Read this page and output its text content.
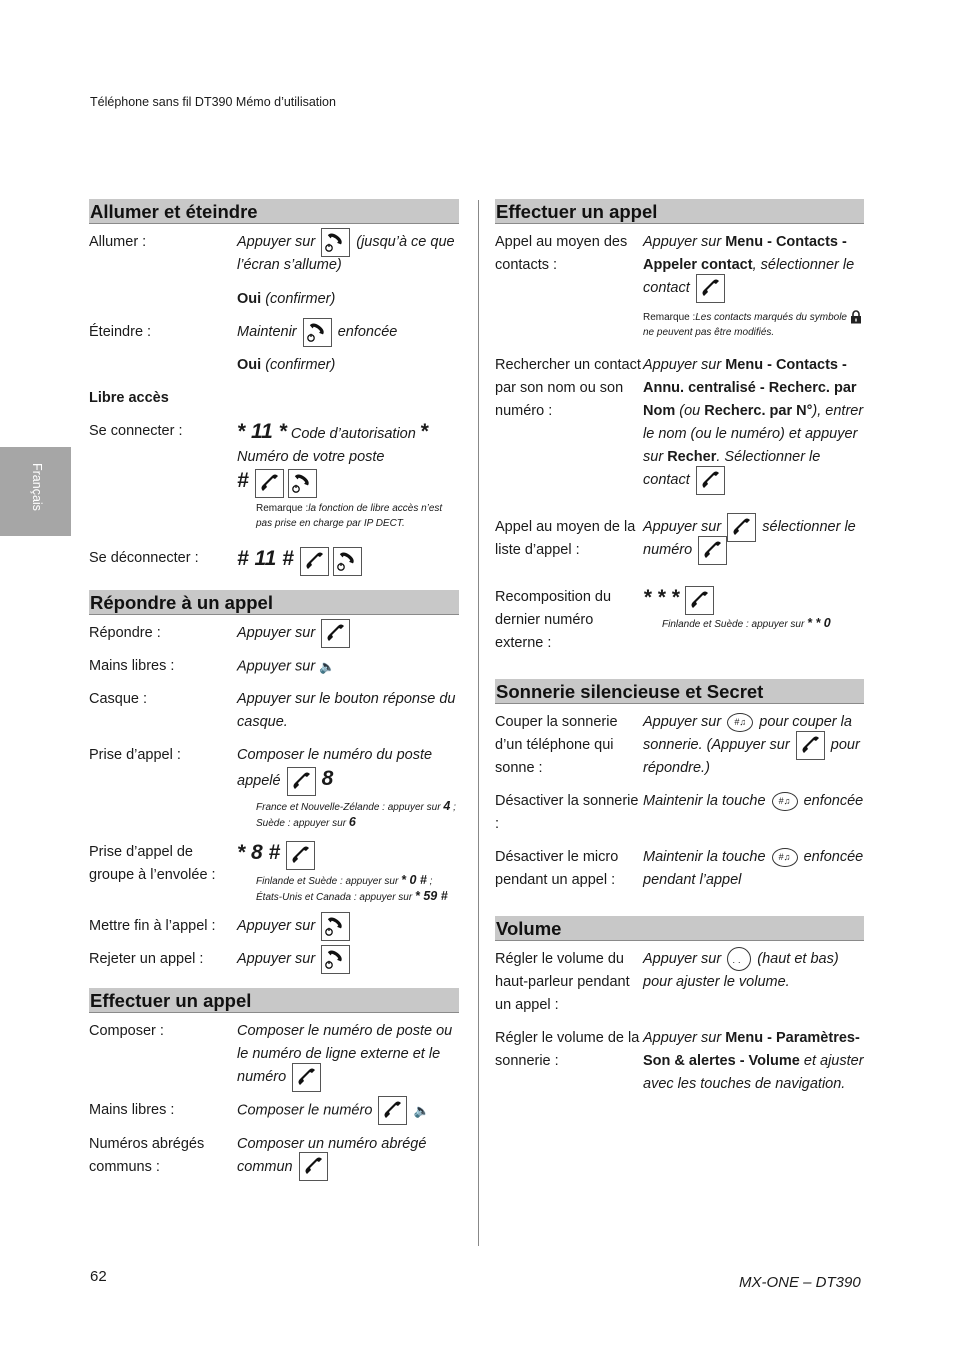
Téléphone sans fil DT390 Mémo d’utilisation
Français
Allumer et éteindre
Allumer :	Appuyer sur	(jusqu’à ce que l’écran s’allume)
Oui (confirmer)
Éteindre :	Maintenir	enfoncée
Oui (confirmer)
Libre accès
Se connecter :	* 11 * Code d’autorisation *
Numéro de votre poste
#
Remarque :la fonction de libre accès n’est pas prise en charge par IP DECT.
Se déconnecter :	# 11 #
Répondre à un appel
Répondre :	Appuyer sur
Mains libres :	Appuyer sur 🔈
Casque :	Appuyer sur le bouton réponse du casque.
Prise d’appel :	Composer le numéro du poste appelé 8
France et Nouvelle-Zélande : appuyer sur 4 ;
Suède : appuyer sur 6
Prise d’appel de groupe à l’envolée :
* 8 #
Finlande et Suède : appuyer sur * 0 # ;
États-Unis et Canada : appuyer sur * 59 #
Mettre fin à l’appel :	Appuyer sur
Rejeter un appel :	Appuyer sur
Effectuer un appel
Composer :	Composer le numéro de poste ou le numéro de ligne externe et le numéro
Mains libres :	Composer le numéro	🔈
Numéros abrégés communs :
Composer un numéro abrégé commun
Effectuer un appel
Appel au moyen des contacts :
Appuyer sur Menu - Contacts - Appeler contact, sélectionner le contact
Remarque :Les contacts marqués du symbole
ne peuvent pas être modifiés.
Rechercher un contact par son nom ou son numéro :
Appuyer sur Menu - Contacts - Annu. centralisé - Recherc. par Nom (ou Recherc. par N°), entrer le nom (ou le numéro) et appuyer sur Recher. Sélectionner le contact
Appel au moyen de la liste d’appel :
Appuyer sur	sélectionner le numéro
Recomposition du dernier numéro externe :
* * *
Finlande et Suède : appuyer sur * * 0
Sonnerie silencieuse et Secret
Couper la sonnerie d’un téléphone qui sonne :
Appuyer sur #♫ pour couper la sonnerie. (Appuyer sur	pour répondre.)
Désactiver la sonnerie :
Maintenir la touche #♫ enfoncée
Désactiver le micro pendant un appel :
Maintenir la touche #♫ enfoncée pendant l’appel
Volume
Régler le volume du haut-parleur pendant un appel :
Appuyer sur · · (haut et bas) pour ajuster le volume.
Régler le volume de la sonnerie :
Appuyer sur Menu - Paramètres-Son & alertes - Volume et ajuster avec les touches de navigation.
62	MX-ONE – DT390
